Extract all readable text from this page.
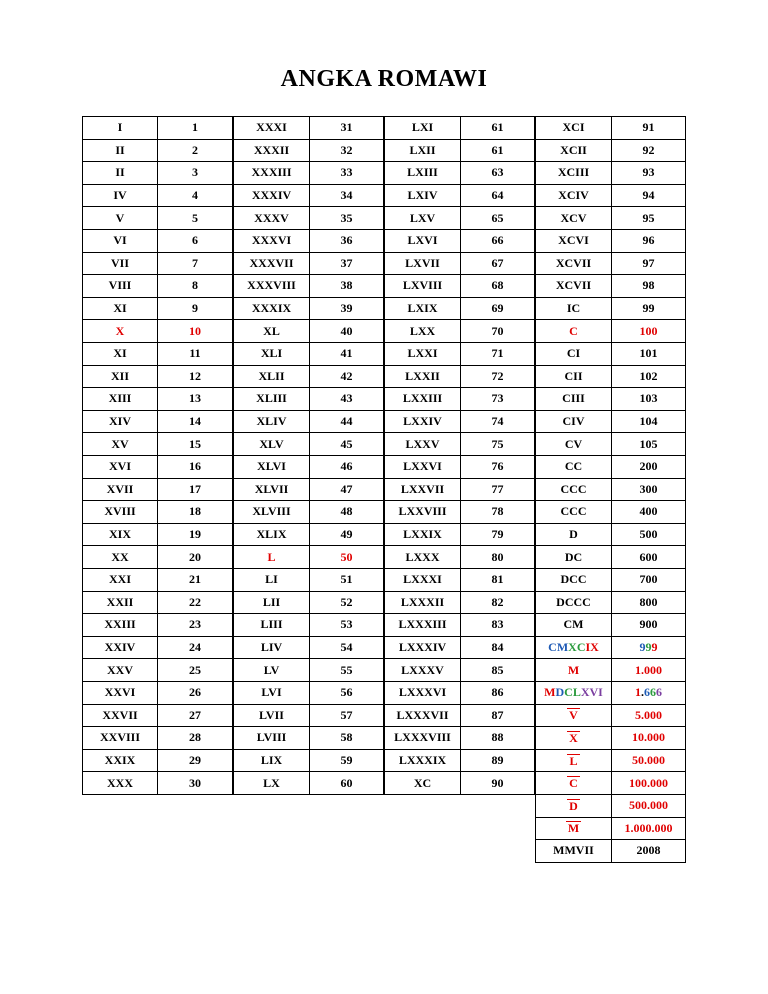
ANGKA ROMAWI
I	1
II	2
II	3
IV	4
V	5
VI	6
VII	7
VIII	8
XI	9
X	10
XI	11
XII	12
XIII	13
XIV	14
XV	15
XVI	16
XVII	17
XVIII	18
XIX	19
XX	20
XXI	21
XXII	22
XXIII	23
XXIV	24
XXV	25
XXVI	26
XXVII	27
XXVIII	28
XXIX	29
XXX	30
XXXI	31
XXXII	32
XXXIII	33
XXXIV	34
XXXV	35
XXXVI	36
XXXVII	37
XXXVIII	38
XXXIX	39
XL	40
XLI	41
XLII	42
XLIII	43
XLIV	44
XLV	45
XLVI	46
XLVII	47
XLVIII	48
XLIX	49
L	50
LI	51
LII	52
LIII	53
LIV	54
LV	55
LVI	56
LVII	57
LVIII	58
LIX	59
LX	60
LXI	61
LXII	61
LXIII	63
LXIV	64
LXV	65
LXVI	66
LXVII	67
LXVIII	68
LXIX	69
LXX	70
LXXI	71
LXXII	72
LXXIII	73
LXXIV	74
LXXV	75
LXXVI	76
LXXVII	77
LXXVIII	78
LXXIX	79
LXXX	80
LXXXI	81
LXXXII	82
LXXXIII	83
LXXXIV	84
LXXXV	85
LXXXVI	86
LXXXVII	87
LXXXVIII	88
LXXXIX	89
XC	90
XCI	91
XCII	92
XCIII	93
XCIV	94
XCV	95
XCVI	96
XCVII	97
XCVII	98
IC	99
C	100
CI	101
CII	102
CIII	103
CIV	104
CV	105
CC	200
CCC	300
CCC	400
D	500
DC	600
DCC	700
DCCC	800
CM	900
CM XC IX	9 9 9
M	1.000
M D CL XVI	1 . 6 6 6
V	5.000
X	10.000
L	50.000
C	100.000
D	500.000
M	1.000.000
MMVII	2008
